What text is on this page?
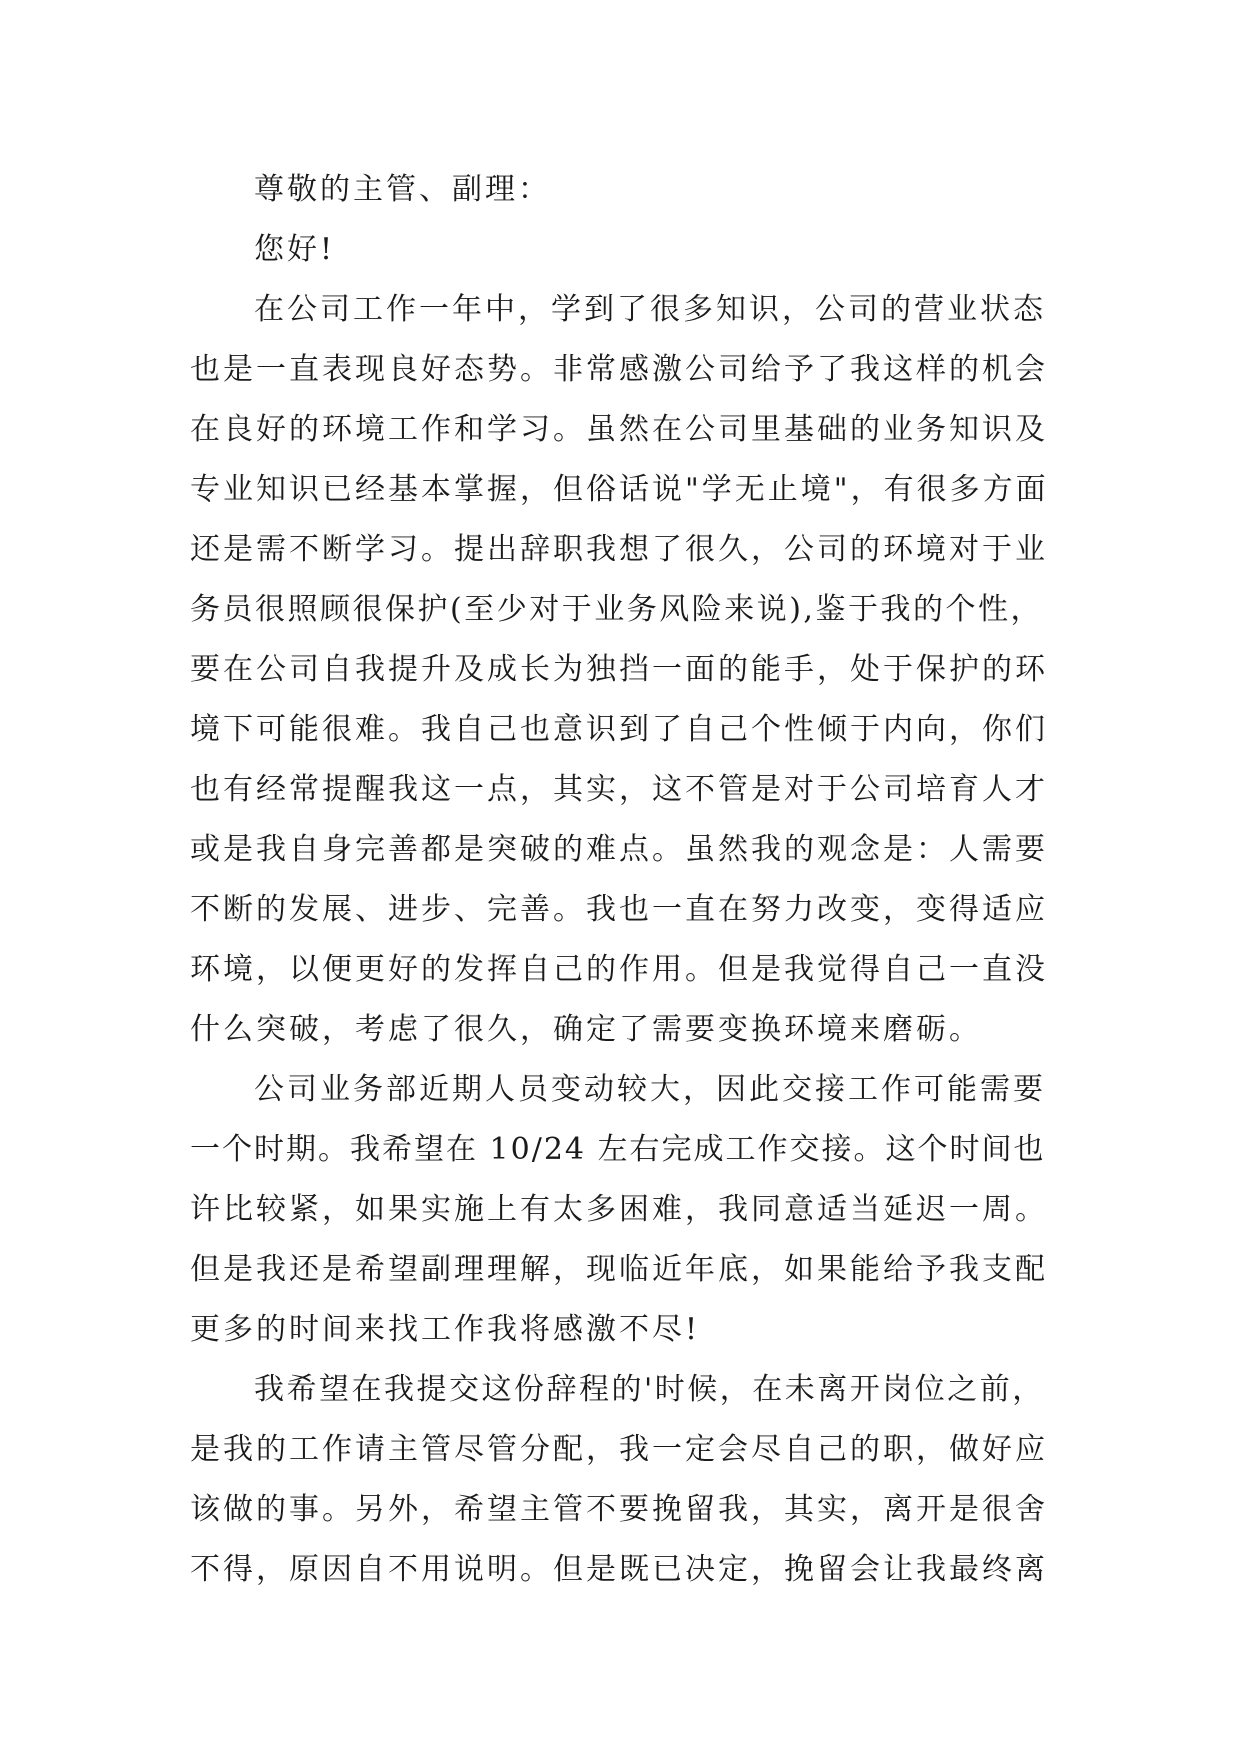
尊敬的主管、副理：
您好!
在公司工作一年中，学到了很多知识，公司的营业状态
也是一直表现良好态势。非常感激公司给予了我这样的机会
在良好的环境工作和学习。虽然在公司里基础的业务知识及
专业知识已经基本掌握，但俗话说"学无止境"，有很多方面
还是需不断学习。提出辞职我想了很久，公司的环境对于业
务员很照顾很保护(至少对于业务风险来说),鉴于我的个性，
要在公司自我提升及成长为独挡一面的能手，处于保护的环
境下可能很难。我自己也意识到了自己个性倾于内向，你们
也有经常提醒我这一点，其实，这不管是对于公司培育人才
或是我自身完善都是突破的难点。虽然我的观念是：人需要
不断的发展、进步、完善。我也一直在努力改变，变得适应
环境，以便更好的发挥自己的作用。但是我觉得自己一直没
什么突破，考虑了很久，确定了需要变换环境来磨砺。
公司业务部近期人员变动较大，因此交接工作可能需要
一个时期。我希望在 10/24 左右完成工作交接。这个时间也
许比较紧，如果实施上有太多困难，我同意适当延迟一周。
但是我还是希望副理理解，现临近年底，如果能给予我支配
更多的时间来找工作我将感激不尽!
我希望在我提交这份辞程的'时候，在未离开岗位之前，
是我的工作请主管尽管分配，我一定会尽自己的职，做好应
该做的事。另外，希望主管不要挽留我，其实，离开是很舍
不得，原因自不用说明。但是既已决定，挽留会让我最终离
